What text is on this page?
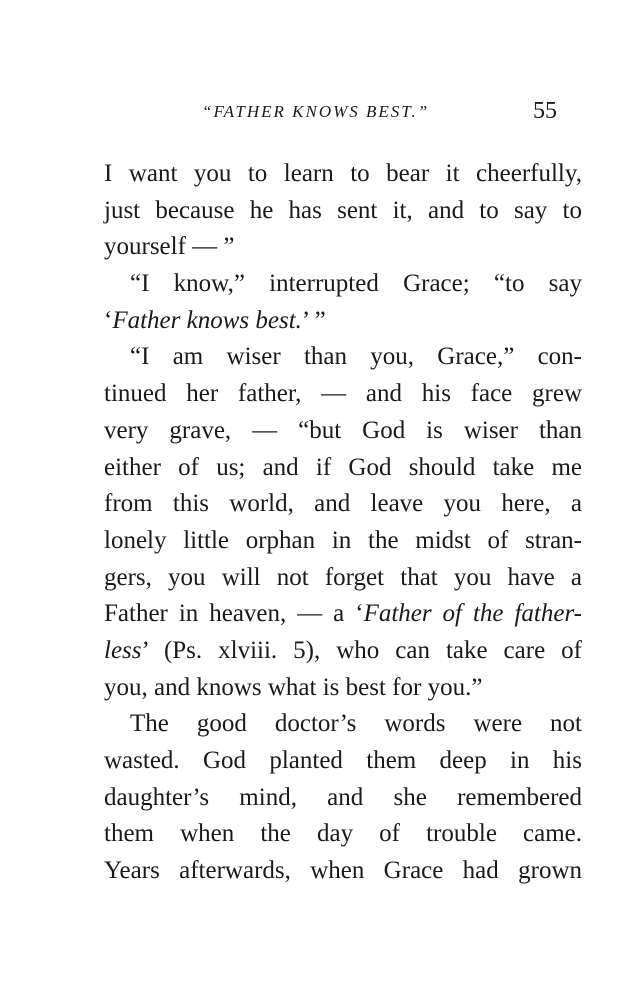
“FATHER KNOWS BEST.”	55
I want you to learn to bear it cheerfully,
just because he has sent it, and to say to
yourself — ”
“I know,” interrupted Grace; “to say
‘Father knows best.’ ”
“I am wiser than you, Grace,” con-
tinued her father, — and his face grew
very grave, — “but God is wiser than
either of us; and if God should take me
from this world, and leave you here, a
lonely little orphan in the midst of stran-
gers, you will not forget that you have a
Father in heaven, — a ‘Father of the father-
less’ (Ps. xlviii. 5), who can take care of
you, and knows what is best for you.”
The good doctor’s words were not
wasted. God planted them deep in his
daughter’s mind, and she remembered
them when the day of trouble came.
Years afterwards, when Grace had grown
